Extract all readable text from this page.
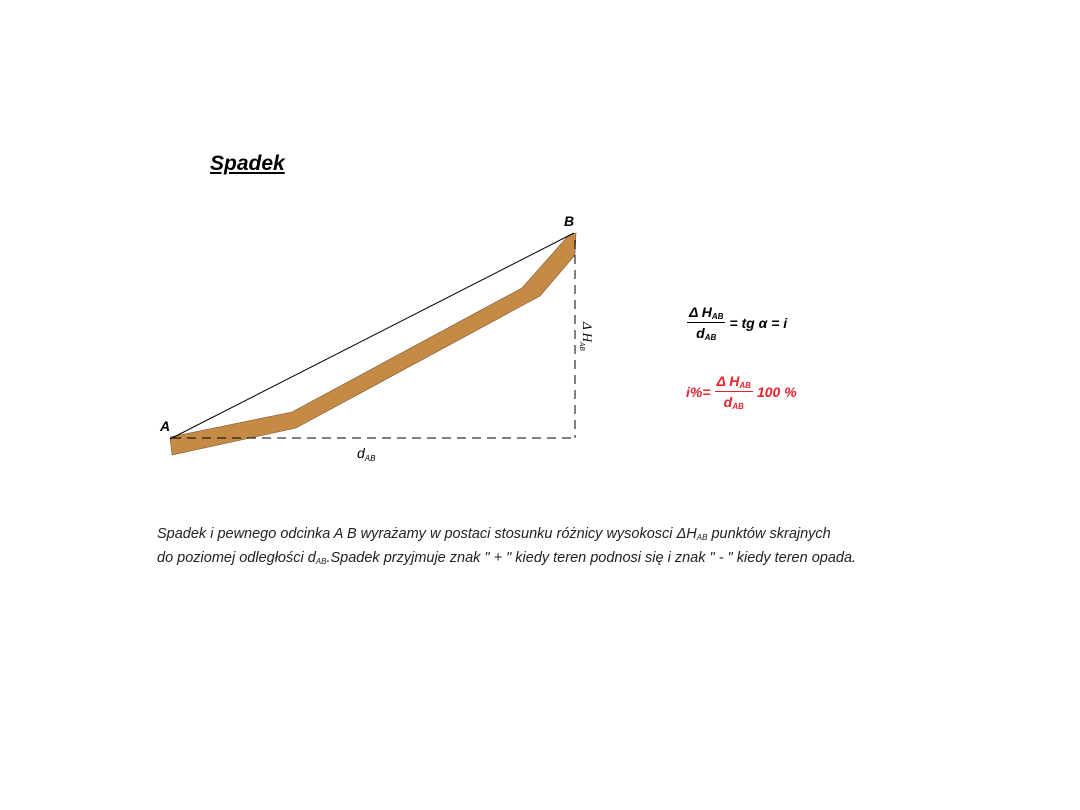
Spadek
A
B
$d_{AB}$
Δ $H_{AB}$
$\frac{\Delta H_{AB}}{d_{AB}}$ = tg α = i
$i\%= \frac{\Delta H_{AB}}{d_{AB}} 100$ %
Spadek i pewnego odcinka A B wyrażamy w postaci stosunku różnicy wysokosci $\Delta H_{AB}$ punktów skrajnych
do poziomej odległości $d_{AB}.Spadek$ przyjmuje znak " + " kiedy teren podnosi się i znak " - " kiedy teren opada.
